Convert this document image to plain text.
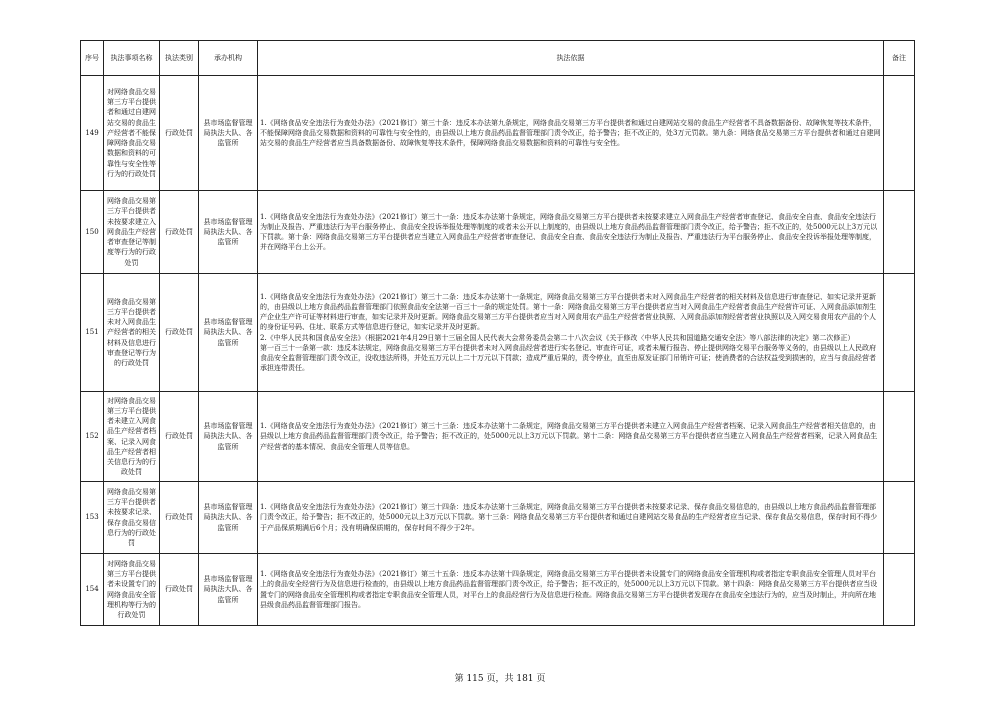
序号	执法事项名称	执法类别	承办机构	执法依据	备注
149	对网络食品交易第三方平台提供者和通过自建网站交易的食品生产经营者不能保障网络食品交易数据和资料的可靠性与安全性等行为的行政处罚	行政处罚	县市场监督管理局执法大队、各监管所	1.《网络食品安全违法行为查处办法》（2021修订）第三十条：违反本办法第九条规定，网络食品交易第三方平台提供者和通过自建网站交易的食品生产经营者不具备数据备份、故障恢复等技术条件，不能保障网络食品交易数据和资料的可靠性与安全性的，由县级以上地方食品药品监督管理部门责令改正，给予警告；拒不改正的，处3万元罚款。第九条：网络食品交易第三方平台提供者和通过自建网站交易的食品生产经营者应当具备数据备份、故障恢复等技术条件，保障网络食品交易数据和资料的可靠性与安全性。	
150	网络食品交易第三方平台提供者未按要求建立入网食品生产经营者审查登记等制度等行为的行政处罚	行政处罚	县市场监督管理局执法大队、各监管所	1.《网络食品安全违法行为查处办法》（2021修订）第三十一条：违反本办法第十条规定，网络食品交易第三方平台提供者未按要求建立入网食品生产经营者审查登记、食品安全自查、食品安全违法行为制止及报告、严重违法行为平台服务停止、食品安全投诉举报处理等制度的或者未公开以上制度的，由县级以上地方食品药品监督管理部门责令改正，给予警告；拒不改正的，处5000元以上3万元以下罚款。第十条：网络食品交易第三方平台提供者应当建立入网食品生产经营者审查登记、食品安全自查、食品安全违法行为制止及报告、严重违法行为平台服务停止、食品安全投诉举报处理等制度，并在网络平台上公开。	
151	网络食品交易第三方平台提供者未对入网食品生产经营者的相关材料及信息进行审查登记等行为的行政处罚	行政处罚	县市场监督管理局执法大队、各监管所	1.《网络食品安全违法行为查处办法》（2021修订）第三十二条：违反本办法第十一条规定，网络食品交易第三方平台提供者未对入网食品生产经营者的相关材料及信息进行审查登记、如实记录并更新的，由县级以上地方食品药品监督管理部门依照食品安全法第一百三十一条的规定处罚。第十一条：网络食品交易第三方平台提供者应当对入网食品生产经营者食品生产经营许可证、入网食品添加剂生产企业生产许可证等材料进行审查，如实记录并及时更新。网络食品交易第三方平台提供者应当对入网食用农产品生产经营者营业执照、入网食品添加剂经营者营业执照以及入网交易食用农产品的个人的身份证号码、住址、联系方式等信息进行登记，如实记录并及时更新。
2.《中华人民共和国食品安全法》（根据2021年4月29日第十三届全国人民代表大会常务委员会第二十八次会议《关于修改〈中华人民共和国道路交通安全法〉等八部法律的决定》第二次修正）
第一百三十一条第一款：违反本法规定，网络食品交易第三方平台提供者未对入网食品经营者进行实名登记、审查许可证，或者未履行报告、停止提供网络交易平台服务等义务的，由县级以上人民政府食品安全监督管理部门责令改正，没收违法所得，并处五万元以上二十万元以下罚款；造成严重后果的，责令停业，直至由原发证部门吊销许可证；使消费者的合法权益受到损害的，应当与食品经营者承担连带责任。	
152	对网络食品交易第三方平台提供者未建立入网食品生产经营者档案、记录入网食品生产经营者相关信息行为的行政处罚	行政处罚	县市场监督管理局执法大队、各监管所	1.《网络食品安全违法行为查处办法》（2021修订）第三十三条：违反本办法第十二条规定，网络食品交易第三方平台提供者未建立入网食品生产经营者档案、记录入网食品生产经营者相关信息的，由县级以上地方食品药品监督管理部门责令改正，给予警告；拒不改正的，处5000元以上3万元以下罚款。第十二条：网络食品交易第三方平台提供者应当建立入网食品生产经营者档案，记录入网食品生产经营者的基本情况、食品安全管理人员等信息。	
153	网络食品交易第三方平台提供者未按要求记录、保存食品交易信息行为的行政处罚	行政处罚	县市场监督管理局执法大队、各监管所	1.《网络食品安全违法行为查处办法》（2021修订）第三十四条：违反本办法第十三条规定，网络食品交易第三方平台提供者未按要求记录、保存食品交易信息的，由县级以上地方食品药品监督管理部门责令改正，给予警告；拒不改正的，处5000元以上3万元以下罚款。第十三条：网络食品交易第三方平台提供者和通过自建网站交易食品的生产经营者应当记录、保存食品交易信息，保存时间不得少于产品保质期满后6个月；没有明确保质期的，保存时间不得少于2年。	
154	对网络食品交易第三方平台提供者未设置专门的网络食品安全管理机构等行为的行政处罚	行政处罚	县市场监督管理局执法大队、各监管所	1.《网络食品安全违法行为查处办法》（2021修订）第三十五条：违反本办法第十四条规定，网络食品交易第三方平台提供者未设置专门的网络食品安全管理机构或者指定专职食品安全管理人员对平台上的食品安全经营行为及信息进行检查的，由县级以上地方食品药品监督管理部门责令改正，给予警告；拒不改正的，处5000元以上3万元以下罚款。第十四条：网络食品交易第三方平台提供者应当设置专门的网络食品安全管理机构或者指定专职食品安全管理人员，对平台上的食品经营行为及信息进行检查。网络食品交易第三方平台提供者发现存在食品安全违法行为的，应当及时制止，并向所在地县级食品药品监督管理部门报告。	
第 115 页，共 181 页
